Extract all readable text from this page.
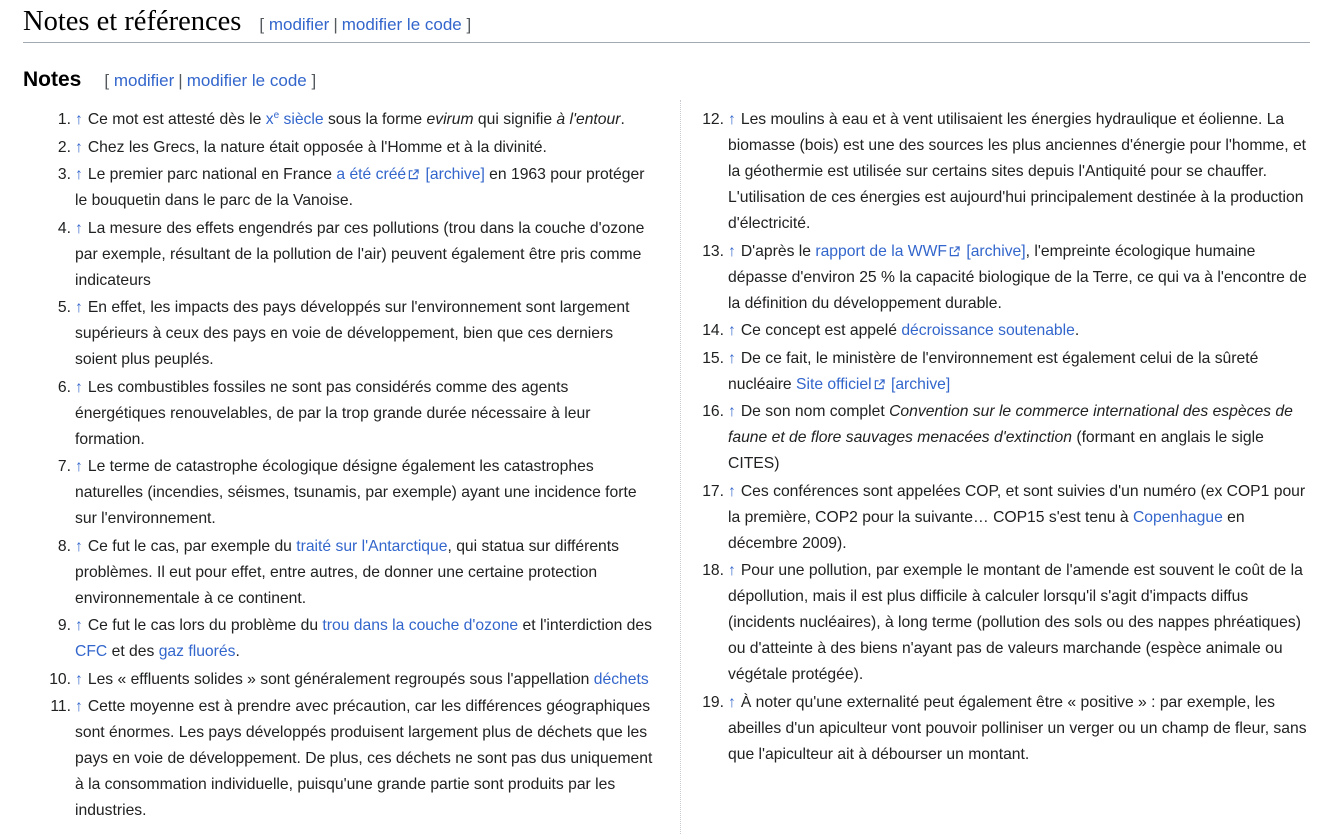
Notes et références [ modifier | modifier le code ]
Notes [ modifier | modifier le code ]
1. ↑ Ce mot est attesté dès le $x^e$ siècle sous la forme evirum qui signifie à l'entour.
2. ↑ Chez les Grecs, la nature était opposée à l'Homme et à la divinité.
3. ↑ Le premier parc national en France a été créé [archive] en 1963 pour protéger le bouquetin dans le parc de la Vanoise.
4. ↑ La mesure des effets engendrés par ces pollutions (trou dans la couche d'ozone par exemple, résultant de la pollution de l'air) peuvent également être pris comme indicateurs
5. ↑ En effet, les impacts des pays développés sur l'environnement sont largement supérieurs à ceux des pays en voie de développement, bien que ces derniers soient plus peuplés.
6. ↑ Les combustibles fossiles ne sont pas considérés comme des agents énergétiques renouvelables, de par la trop grande durée nécessaire à leur formation.
7. ↑ Le terme de catastrophe écologique désigne également les catastrophes naturelles (incendies, séismes, tsunamis, par exemple) ayant une incidence forte sur l'environnement.
8. ↑ Ce fut le cas, par exemple du traité sur l'Antarctique, qui statua sur différents problèmes. Il eut pour effet, entre autres, de donner une certaine protection environnementale à ce continent.
9. ↑ Ce fut le cas lors du problème du trou dans la couche d'ozone et l'interdiction des CFC et des gaz fluorés.
10. ↑ Les « effluents solides » sont généralement regroupés sous l'appellation déchets
11. ↑ Cette moyenne est à prendre avec précaution, car les différences géographiques sont énormes. Les pays développés produisent largement plus de déchets que les pays en voie de développement. De plus, ces déchets ne sont pas dus uniquement à la consommation individuelle, puisqu'une grande partie sont produits par les industries.
12. ↑ Les moulins à eau et à vent utilisaient les énergies hydraulique et éolienne. La biomasse (bois) est une des sources les plus anciennes d'énergie pour l'homme, et la géothermie est utilisée sur certains sites depuis l'Antiquité pour se chauffer. L'utilisation de ces énergies est aujourd'hui principalement destinée à la production d'électricité.
13. ↑ D'après le rapport de la WWF [archive], l'empreinte écologique humaine dépasse d'environ 25 % la capacité biologique de la Terre, ce qui va à l'encontre de la définition du développement durable.
14. ↑ Ce concept est appelé décroissance soutenable.
15. ↑ De ce fait, le ministère de l'environnement est également celui de la sûreté nucléaire Site officiel [archive]
16. ↑ De son nom complet Convention sur le commerce international des espèces de faune et de flore sauvages menacées d'extinction (formant en anglais le sigle CITES)
17. ↑ Ces conférences sont appelées COP, et sont suivies d'un numéro (ex COP1 pour la première, COP2 pour la suivante… COP15 s'est tenu à Copenhague en décembre 2009).
18. ↑ Pour une pollution, par exemple le montant de l'amende est souvent le coût de la dépollution, mais il est plus difficile à calculer lorsqu'il s'agit d'impacts diffus (incidents nucléaires), à long terme (pollution des sols ou des nappes phréatiques) ou d'atteinte à des biens n'ayant pas de valeurs marchande (espèce animale ou végétale protégée).
19. ↑ À noter qu'une externalité peut également être « positive » : par exemple, les abeilles d'un apiculteur vont pouvoir polliniser un verger ou un champ de fleur, sans que l'apiculteur ait à débourser un montant.
